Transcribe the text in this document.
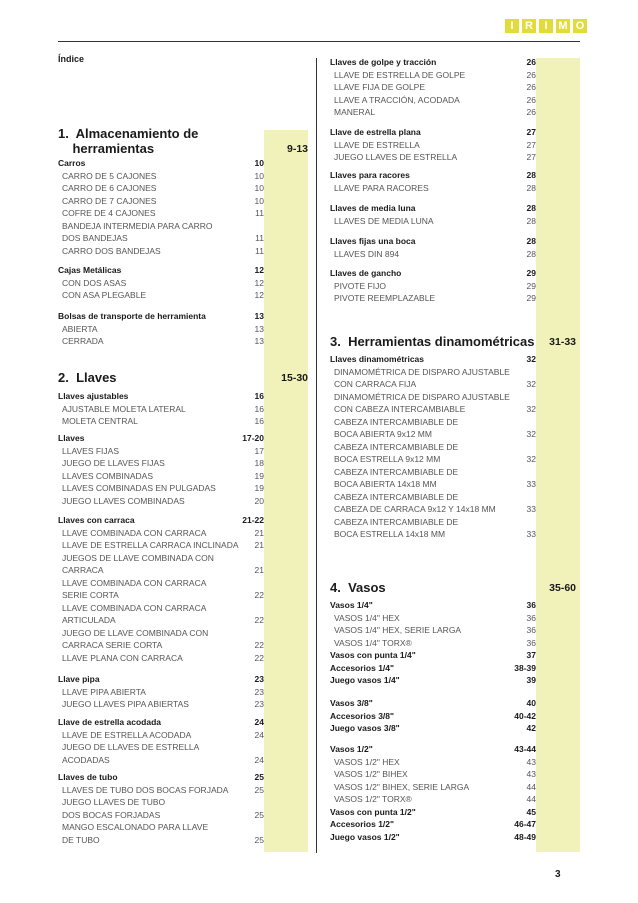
I	R	I M O
Índice
1.  Almacenamiento de
herramientas	9-13
Carros	10
CARRO DE 5 CAJONES	10
CARRO DE 6 CAJONES	10
CARRO DE 7 CAJONES	10
COFRE DE 4 CAJONES	11
BANDEJA INTERMEDIA PARA CARRO
DOS BANDEJAS	11
CARRO DOS BANDEJAS	11
Cajas Metálicas	12
CON DOS ASAS	12
CON ASA PLEGABLE	12
Bolsas de transporte de herramienta	13
ABIERTA	13
CERRADA	13
2.  Llaves	15-30
Llaves ajustables	16
AJUSTABLE MOLETA LATERAL	16
MOLETA CENTRAL	16
Llaves	17-20
LLAVES FIJAS	17
JUEGO DE LLAVES FIJAS	18
LLAVES COMBINADAS	19
LLAVES COMBINADAS EN PULGADAS	19
JUEGO LLAVES COMBINADAS	20
Llaves con carraca	21-22
LLAVE COMBINADA CON CARRACA	21
LLAVE DE ESTRELLA CARRACA INCLINADA	21
JUEGOS DE LLAVE COMBINADA CON
CARRACA	21
LLAVE COMBINADA CON CARRACA
SERIE CORTA	22
LLAVE COMBINADA CON CARRACA
ARTICULADA	22
JUEGO DE LLAVE COMBINADA CON
CARRACA SERIE CORTA	22
LLAVE PLANA CON CARRACA	22
Llave pipa	23
LLAVE PIPA ABIERTA	23
JUEGO LLAVES PIPA ABIERTAS	23
Llave de estrella acodada	24
LLAVE DE ESTRELLA ACODADA	24
JUEGO DE LLAVES DE ESTRELLA
ACODADAS	24
Llaves de tubo	25
LLAVES DE TUBO DOS BOCAS FORJADA	25
JUEGO LLAVES DE TUBO
DOS BOCAS FORJADAS	25
MANGO ESCALONADO PARA LLAVE
DE TUBO	25
Llaves de golpe y tracción	26
LLAVE DE ESTRELLA DE GOLPE	26
LLAVE FIJA DE GOLPE	26
LLAVE A TRACCIÓN, ACODADA	26
MANERAL	26
Llave de estrella plana	27
LLAVE DE ESTRELLA	27
JUEGO LLAVES DE ESTRELLA	27
Llaves para racores	28
LLAVE PARA RACORES	28
Llaves de media luna	28
LLAVES DE MEDIA LUNA	28
Llaves fijas una boca	28
LLAVES DIN 894	28
Llaves de gancho	29
PIVOTE FIJO	29
PIVOTE REEMPLAZABLE	29
3.  Herramientas dinamométricas	31-33
Llaves dinamométricas	32
DINAMOMÉTRICA DE DISPARO AJUSTABLE
CON CARRACA FIJA	32
DINAMOMÉTRICA DE DISPARO AJUSTABLE
CON CABEZA INTERCAMBIABLE	32
CABEZA INTERCAMBIABLE DE
BOCA ABIERTA 9x12 MM	32
CABEZA INTERCAMBIABLE DE
BOCA ESTRELLA 9x12 MM	32
CABEZA INTERCAMBIABLE DE
BOCA ABIERTA 14x18 MM	33
CABEZA INTERCAMBIABLE DE
CABEZA DE CARRACA 9x12 Y 14x18 MM	33
CABEZA INTERCAMBIABLE DE
BOCA ESTRELLA 14x18 MM	33
4.  Vasos	35-60
Vasos 1/4"	36
VASOS 1/4" HEX	36
VASOS 1/4" HEX, SERIE LARGA	36
VASOS 1/4" TORX®	36
Vasos con punta 1/4"	37
Accesorios 1/4"	38-39
Juego vasos 1/4"	39
Vasos 3/8"	40
Accesorios 3/8"	40-42
Juego vasos 3/8"	42
Vasos 1/2"	43-44
VASOS 1/2" HEX	43
VASOS 1/2" BIHEX	43
VASOS 1/2" BIHEX, SERIE LARGA	44
VASOS 1/2" TORX®	44
Vasos con punta 1/2"	45
Accesorios 1/2"	46-47
Juego vasos 1/2"	48-49
3
